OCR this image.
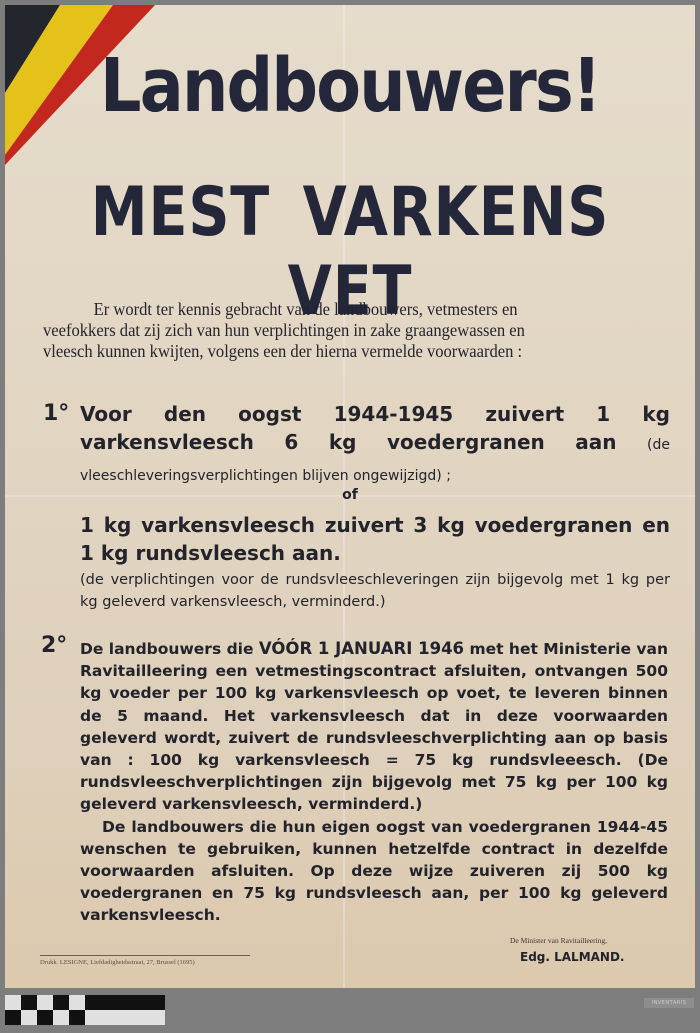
Landbouwers!
MEST VARKENS VET

Er wordt ter kennis gebracht van de landbouwers, vetmesters en

veefokkers dat zij zich van hun verplichtingen in zake graangewassen en

vleesch kunnen kwijten, volgens een der hierna vermelde voorwaarden :

1° Voor den oogst 1944-1945 zuivert 1 kg varkensvleesch 6 kg voedergranen aan (de vleeschleveringsverplichtingen blijven ongewijzigd) ;
of
1 kg varkensvleesch zuivert 3 kg voedergranen en 1 kg rundsvleesch aan.
(de verplichtingen voor de rundsvleeschleveringen zijn bijgevolg met 1 kg per kg geleverd varkensvleesch, verminderd.)
2° De landbouwers die VÓÓR 1 JANUARI 1946 met het Ministerie van Ravitailleering een vetmestingscontract afsluiten, ontvangen 500 kg voeder per 100 kg varkensvleesch op voet, te leveren binnen de 5 maand. Het varkensvleesch dat in deze voorwaarden geleverd wordt, zuivert de rundsvleeschverplichting aan op basis van : 100 kg varkensvleesch = 75 kg rundsvleeesch. (De rundsvleeschverplichtingen zijn bijgevolg met 75 kg per 100 kg geleverd varkensvleesch, verminderd.)

De landbouwers die hun eigen oogst van voedergranen 1944-45 wenschen te gebruiken, kunnen hetzelfde contract in dezelfde voorwaarden afsluiten. Op deze wijze zuiveren zij 500 kg voedergranen en 75 kg rundsvleesch aan, per 100 kg geleverd varkensvleesch.

Drukk. LESIGNE, Liefdadigheidsstraat, 27, Brussel (1695)
De Minister van Ravitailleering,
Edg. LALMAND.
INVENTARIS
